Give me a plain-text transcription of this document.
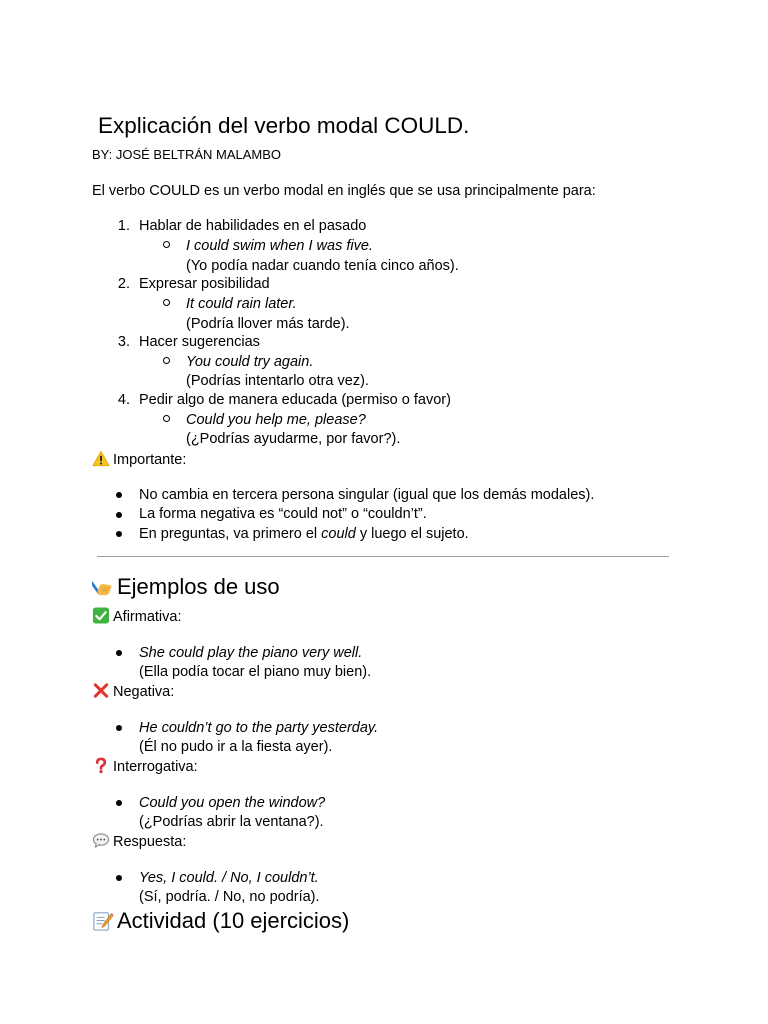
Explicación del verbo modal COULD.
BY: JOSÉ BELTRÁN MALAMBO
El verbo COULD es un verbo modal en inglés que se usa principalmente para:
1. Hablar de habilidades en el pasado
I could swim when I was five.
(Yo podía nadar cuando tenía cinco años).
2. Expresar posibilidad
It could rain later.
(Podría llover más tarde).
3. Hacer sugerencias
You could try again.
(Podrías intentarlo otra vez).
4. Pedir algo de manera educada (permiso o favor)
Could you help me, please?
(¿Podrías ayudarme, por favor?).
Importante:
No cambia en tercera persona singular (igual que los demás modales).
La forma negativa es “could not” o “couldn’t”.
En preguntas, va primero el could y luego el sujeto.
Ejemplos de uso
Afirmativa:
She could play the piano very well.
(Ella podía tocar el piano muy bien).
Negativa:
He couldn’t go to the party yesterday.
(Él no pudo ir a la fiesta ayer).
Interrogativa:
Could you open the window?
(¿Podrías abrir la ventana?).
Respuesta:
Yes, I could. / No, I couldn’t.
(Sí, podría. / No, no podría).
Actividad (10 ejercicios)
